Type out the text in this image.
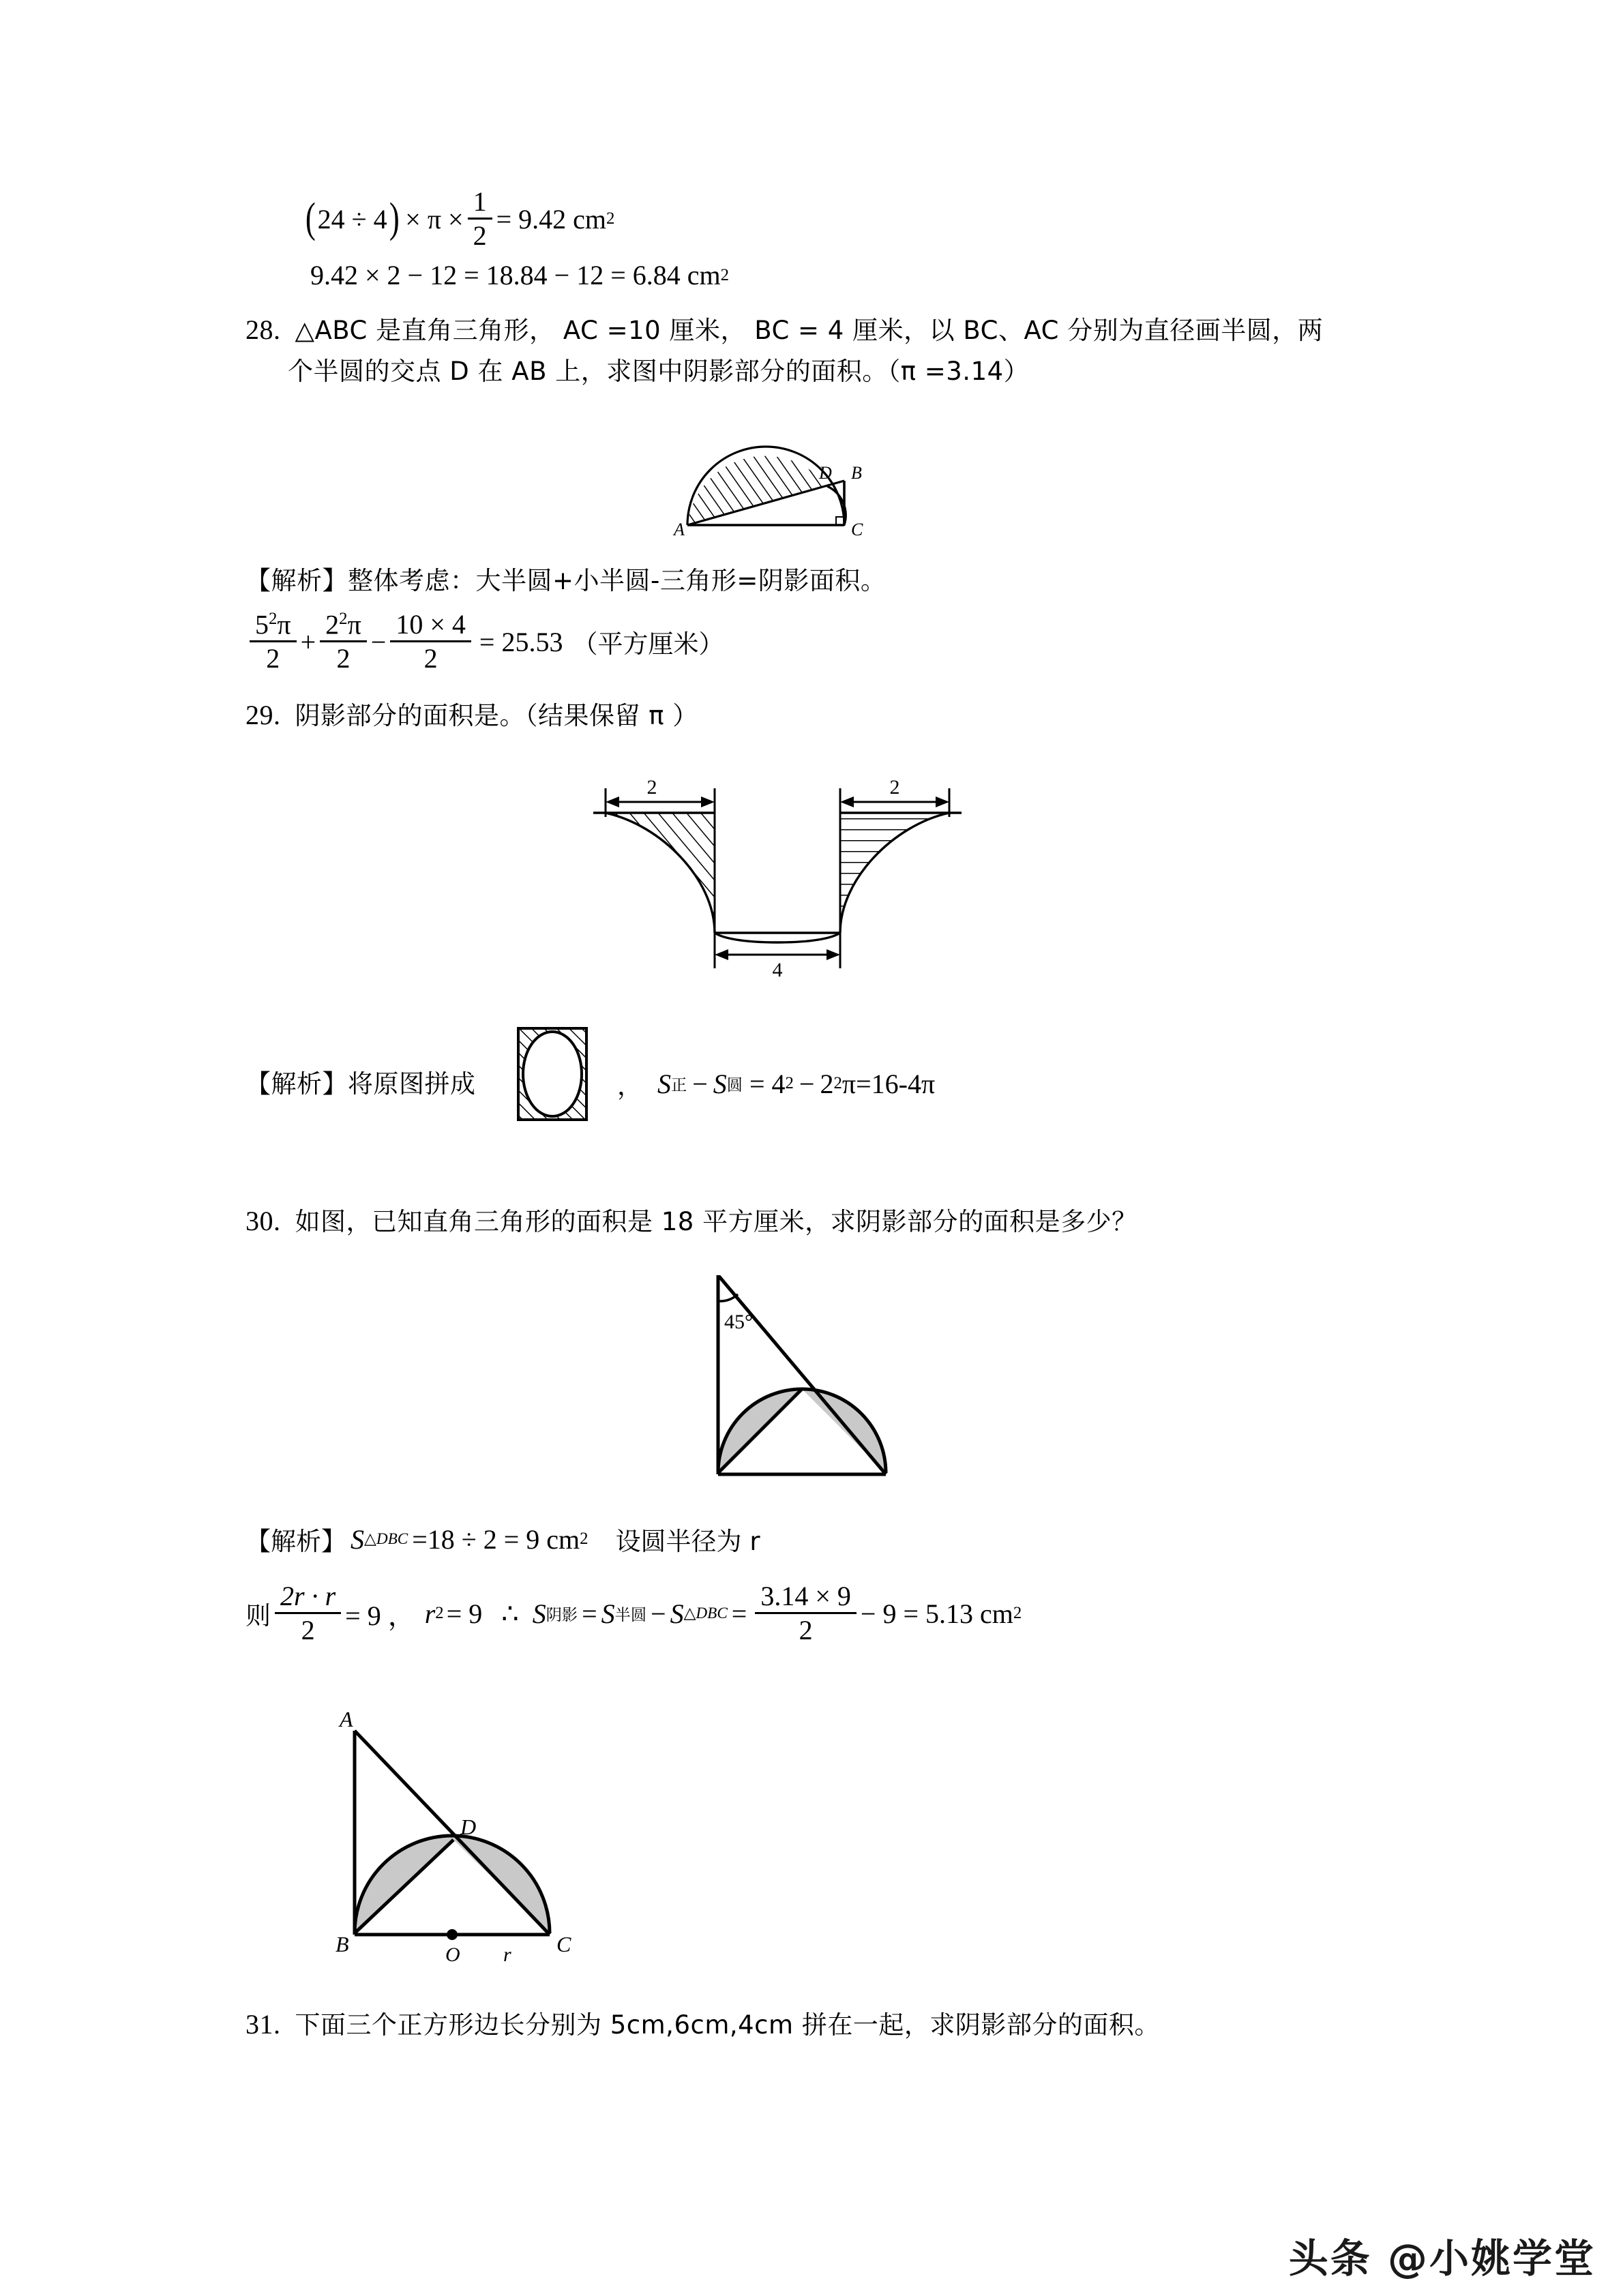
( 24 ÷ 4 ) × $\pi \times \frac{1}{2} = 9.42$ cm 2
9.42 × 2 − 12 = 18.84 − 12 = 6.84 cm 2
28. △ABC 是直角三角形， AC =10 厘米， BC = 4 厘米，以 BC、AC 分别为直径画半圆，两
个半圆的交点 D 在 AB 上，求图中阴影部分的面积。（π =3.14）
A	C
B
D
【解析】整体考虑：大半圆+小半圆-三角形=阴影面积。
$\frac{5^2\pi}{2} + \frac{2^2\pi}{2} - \frac{10 \times 4}{2} = 25.53$ （平方厘米）
29. 阴影部分的面积是。（结果保留 π ）
2	2
4
【解析】将原图拼成	， S 正 − S 圆 = 4 2 − 2 2 π =16-4π
30. 如图，已知直角三角形的面积是 18 平方厘米，求阴影部分的面积是多少？
45°
【解析】 S △DBC =18 ÷ 2 = 9 cm 2 设圆半径为 r
则 $\frac{2r \cdot r}{2} = 9$ ， r 2 = 9 ∴ S 阴影 = S 半圆 − S △DBC = $\frac{3.14 \times 9}{2} - 9 = 5.13$ cm 2
A
B	C
D
O r
31. 下面三个正方形边长分别为 5cm,6cm,4cm 拼在一起，求阴影部分的面积。
头条 @小姚学堂
